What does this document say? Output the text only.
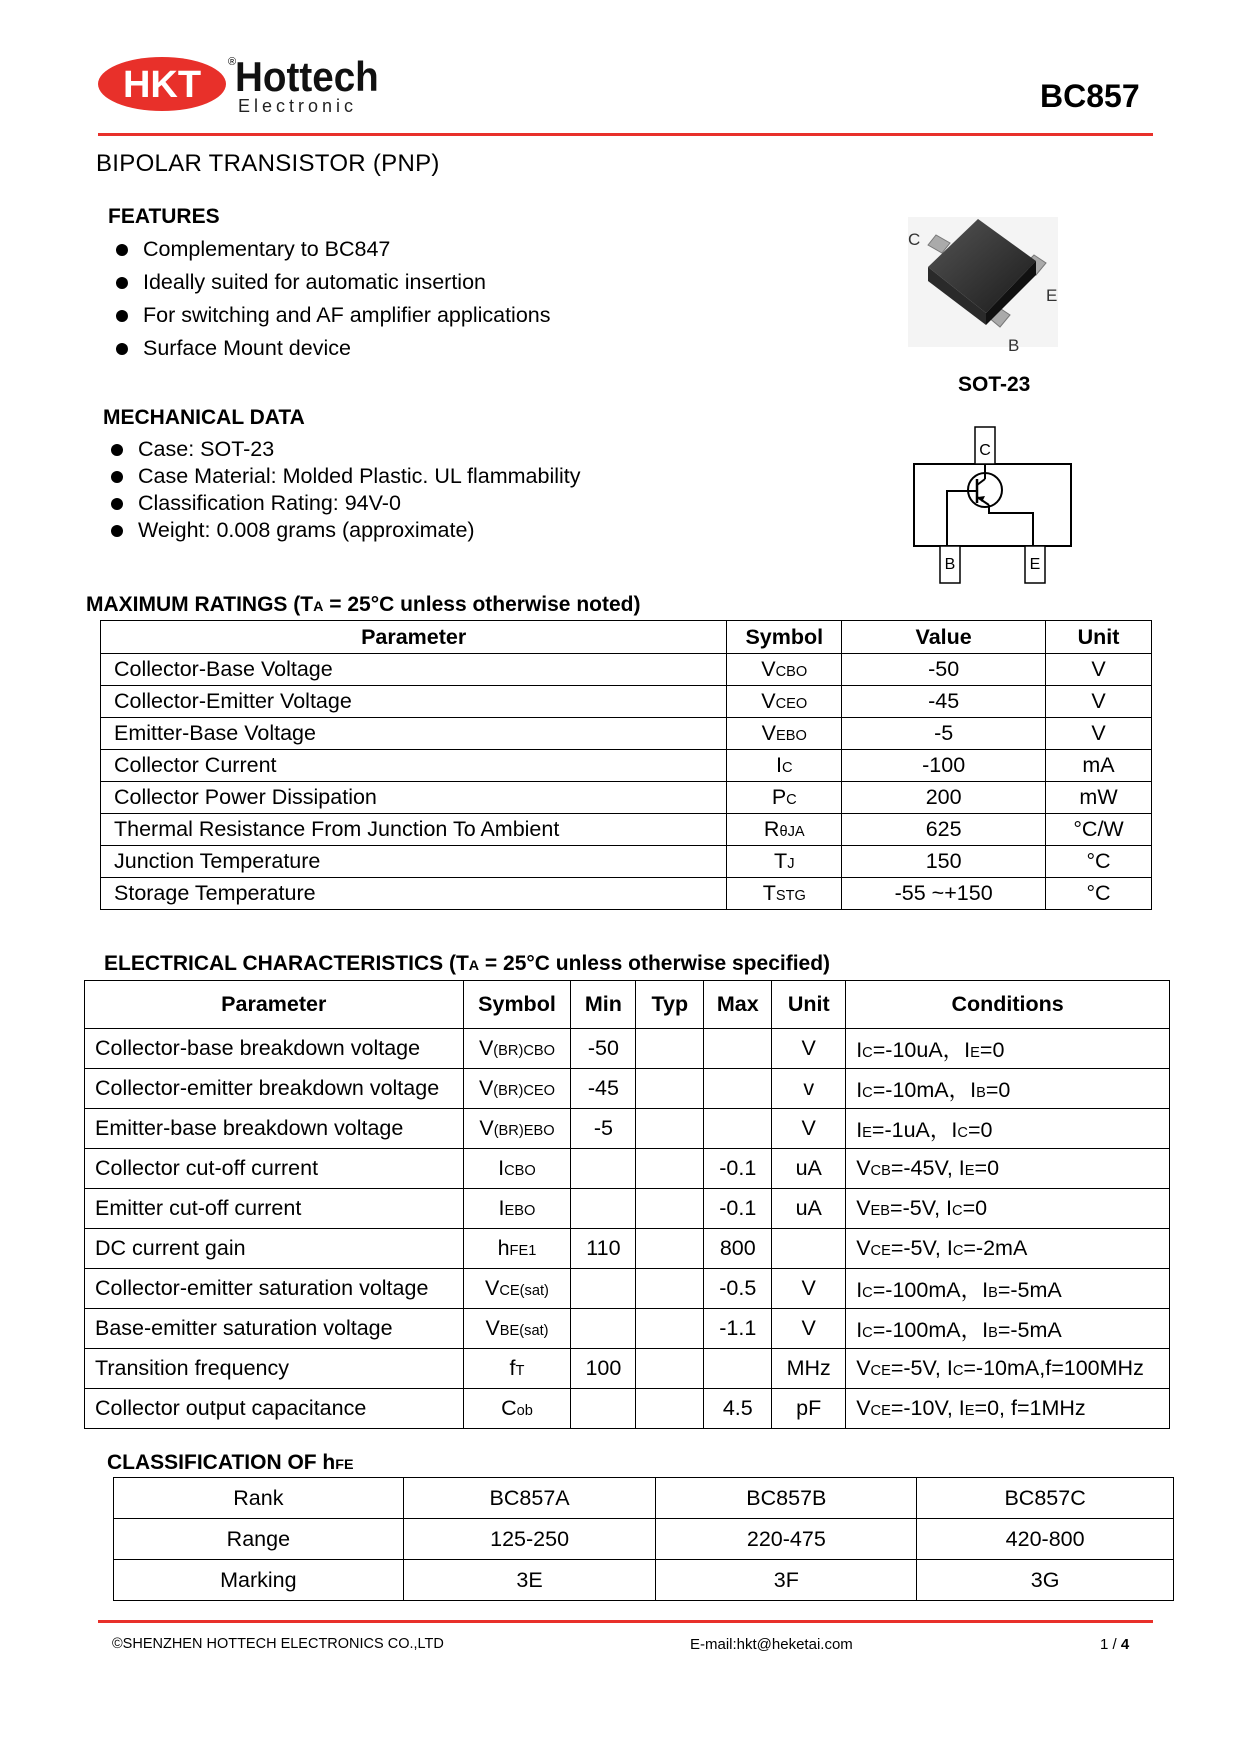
HKT
®
Hottech
Electronic	BC857
BIPOLAR TRANSISTOR (PNP)
FEATURES
Complementary to BC847
Ideally suited for automatic insertion
For switching and AF amplifier applications
Surface Mount device
C
E
B
SOT-23
C
B	E
MECHANICAL DATA
Case: SOT-23
Case Material: Molded Plastic. UL flammability
Classification Rating: 94V-0
Weight: 0.008 grams (approximate)
MAXIMUM RATINGS (TA = 25°C unless otherwise noted)
Parameter	Symbol	Value	Unit
Collector-Base Voltage	VCBO	-50	V
Collector-Emitter Voltage	VCEO	-45	V
Emitter-Base Voltage	VEBO	-5	V
Collector Current	IC	-100	mA
Collector Power Dissipation	PC	200	mW
Thermal Resistance From Junction To Ambient	RθJA	625	°C/W
Junction Temperature	TJ	150	°C
Storage Temperature	TSTG	-55 ~+150	°C
ELECTRICAL CHARACTERISTICS (TA = 25°C unless otherwise specified)
Parameter	Symbol	Min	Typ	Max	Unit	Conditions
Collector-base breakdown voltage	V(BR)CBO	-50			V	IC=-10uA，IE=0
Collector-emitter breakdown voltage	V(BR)CEO	-45			v	IC=-10mA，IB=0
Emitter-base breakdown voltage	V(BR)EBO	-5			V	IE=-1uA，IC=0
Collector cut-off current	ICBO			-0.1	uA	VCB=-45V, IE=0
Emitter cut-off current	IEBO			-0.1	uA	VEB=-5V, IC=0
DC current gain	hFE1	110		800		VCE=-5V, IC=-2mA
Collector-emitter saturation voltage	VCE(sat)			-0.5	V	IC=-100mA，IB=-5mA
Base-emitter saturation voltage	VBE(sat)			-1.1	V	IC=-100mA，IB=-5mA
Transition frequency	fT	100			MHz	VCE=-5V, IC=-10mA,f=100MHz
Collector output capacitance	Cob			4.5	pF	VCE=-10V, IE=0, f=1MHz
CLASSIFICATION OF hFE
Rank	BC857A	BC857B	BC857C
Range	125-250	220-475	420-800
Marking	3E	3F	3G
©SHENZHEN HOTTECH ELECTRONICS CO.,LTD	E-mail:hkt@heketai.com	1 / 4
